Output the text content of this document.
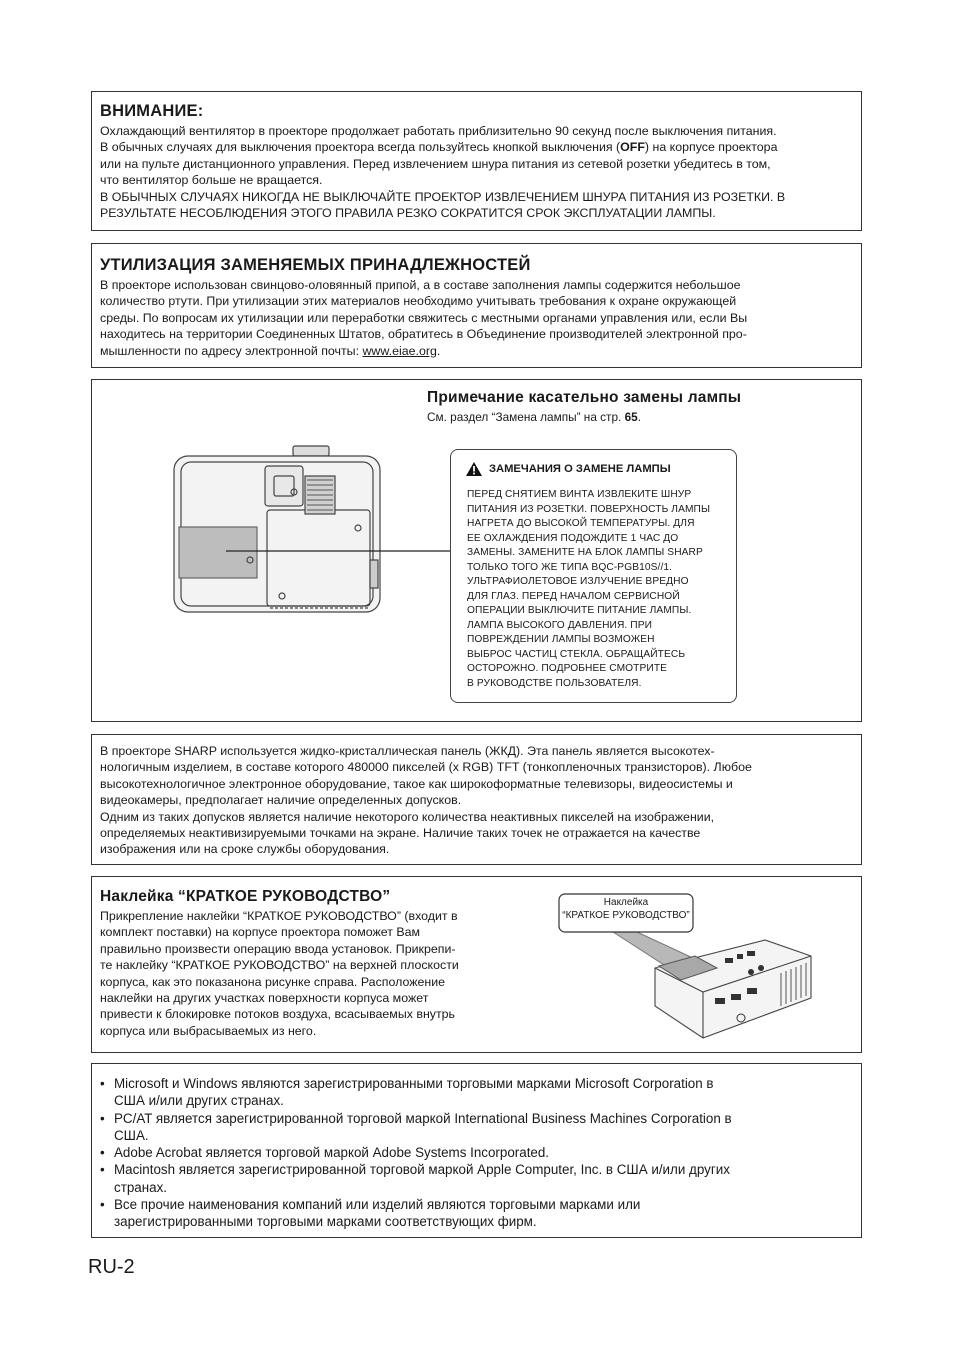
ВНИМАНИЕ:

Охлаждающий вентилятор в проекторе продолжает работать приблизительно 90 секунд после выключения питания.
В обычных случаях для выключения проектора всегда пользуйтесь кнопкой выключения (OFF) на корпусе проектора
или на пульте дистанционного управления. Перед извлечением шнура питания из сетевой розетки убедитесь в том,
что вентилятор больше не вращается.
В ОБЫЧНЫХ СЛУЧАЯХ НИКОГДА НЕ ВЫКЛЮЧАЙТЕ ПРОЕКТОР ИЗВЛЕЧЕНИЕМ ШНУРА ПИТАНИЯ ИЗ РОЗЕТКИ. В
РЕЗУЛЬТАТЕ НЕСОБЛЮДЕНИЯ ЭТОГО ПРАВИЛА РЕЗКО СОКРАТИТСЯ СРОК ЭКСПЛУАТАЦИИ ЛАМПЫ.

УТИЛИЗАЦИЯ ЗАМЕНЯЕМЫХ ПРИНАДЛЕЖНОСТЕЙ

В проекторе использован свинцово-оловянный припой, а в составе заполнения лампы содержится небольшое
количество ртути. При утилизации этих материалов необходимо учитывать требования к охране окружающей
среды. По вопросам их утилизации или переработки свяжитесь с местными органами управления или, если Вы
находитесь на территории Соединенных Штатов, обратитесь в Объединение производителей электронной про-
мышленности по адресу электронной почты: www.eiae.org.

Примечание касательно замены лампы

См. раздел “Замена лампы” на стр. 65.

ЗАМЕЧАНИЯ О ЗАМЕНЕ ЛАМПЫ
ПЕРЕД СНЯТИЕМ ВИНТА ИЗВЛЕКИТЕ ШНУР
ПИТАНИЯ ИЗ РОЗЕТКИ. ПОВЕРХНОСТЬ ЛАМПЫ
НАГРЕТА ДО ВЫСОКОЙ ТЕМПЕРАТУРЫ. ДЛЯ
ЕЕ ОХЛАЖДЕНИЯ ПОДОЖДИТЕ 1 ЧАС ДО
ЗАМЕНЫ. ЗАМЕНИТЕ НА БЛОК ЛАМПЫ SHARP
ТОЛЬКО ТОГО ЖЕ ТИПА BQC-PGB10S//1.
УЛЬТРАФИОЛЕТОВОЕ ИЗЛУЧЕНИЕ ВРЕДНО
ДЛЯ ГЛАЗ. ПЕРЕД НАЧАЛОМ СЕРВИСНОЙ
ОПЕРАЦИИ ВЫКЛЮЧИТЕ ПИТАНИЕ ЛАМПЫ.
ЛАМПА ВЫСОКОГО ДАВЛЕНИЯ. ПРИ
ПОВРЕЖДЕНИИ ЛАМПЫ ВОЗМОЖЕН
ВЫБРОС ЧАСТИЦ СТЕКЛА. ОБРАЩАЙТЕСЬ
ОСТОРОЖНО. ПОДРОБНЕЕ СМОТРИТЕ
В РУКОВОДСТВЕ ПОЛЬЗОВАТЕЛЯ.

В проекторе SHARP используется жидко-кристаллическая панель (ЖКД). Эта панель является высокотех-
нологичным изделием, в составе которого 480000 пикселей (x RGB) TFT (тонкопленочных транзисторов). Любое
высокотехнологичное электронное оборудование, такое как широкоформатные телевизоры, видеосистемы и
видеокамеры, предполагает наличие определенных допусков.
Одним из таких допусков является наличие некоторого количества неактивных пикселей на изображении,
определяемых неактивизируемыми точками на экране. Наличие таких точек не отражается на качестве
изображения или на сроке службы оборудования.

Наклейка “КРАТКОЕ РУКОВОДСТВО”

Прикрепление наклейки “КРАТКОЕ РУКОВОДСТВО” (входит в
комплект поставки) на корпусе проектора поможет Вам
правильно произвести операцию ввода установок. Прикрепи-
те наклейку “КРАТКОЕ РУКОВОДСТВО” на верхней плоскости
корпуса, как это показанона рисунке справа. Расположение
наклейки на других участках поверхности корпуса может
привести к блокировке потоков воздуха, всасываемых внутрь
корпуса или выбрасываемых из него.

Наклейка
“КРАТКОЕ РУКОВОДСТВО”
• Microsoft и Windows являются зарегистрированными торговыми марками Microsoft Corporation в
США и/или других странах.
• PC/AT является зарегистрированной торговой маркой International Business Machines Corporation в
США.
• Adobe Acrobat является торговой маркой Adobe Systems Incorporated.
• Macintosh является зарегистрированной торговой маркой Apple Computer, Inc. в США и/или других
странах.
• Все прочие наименования компаний или изделий являются торговыми марками или
зарегистрированными торговыми марками соответствующих фирм.
RU-2
